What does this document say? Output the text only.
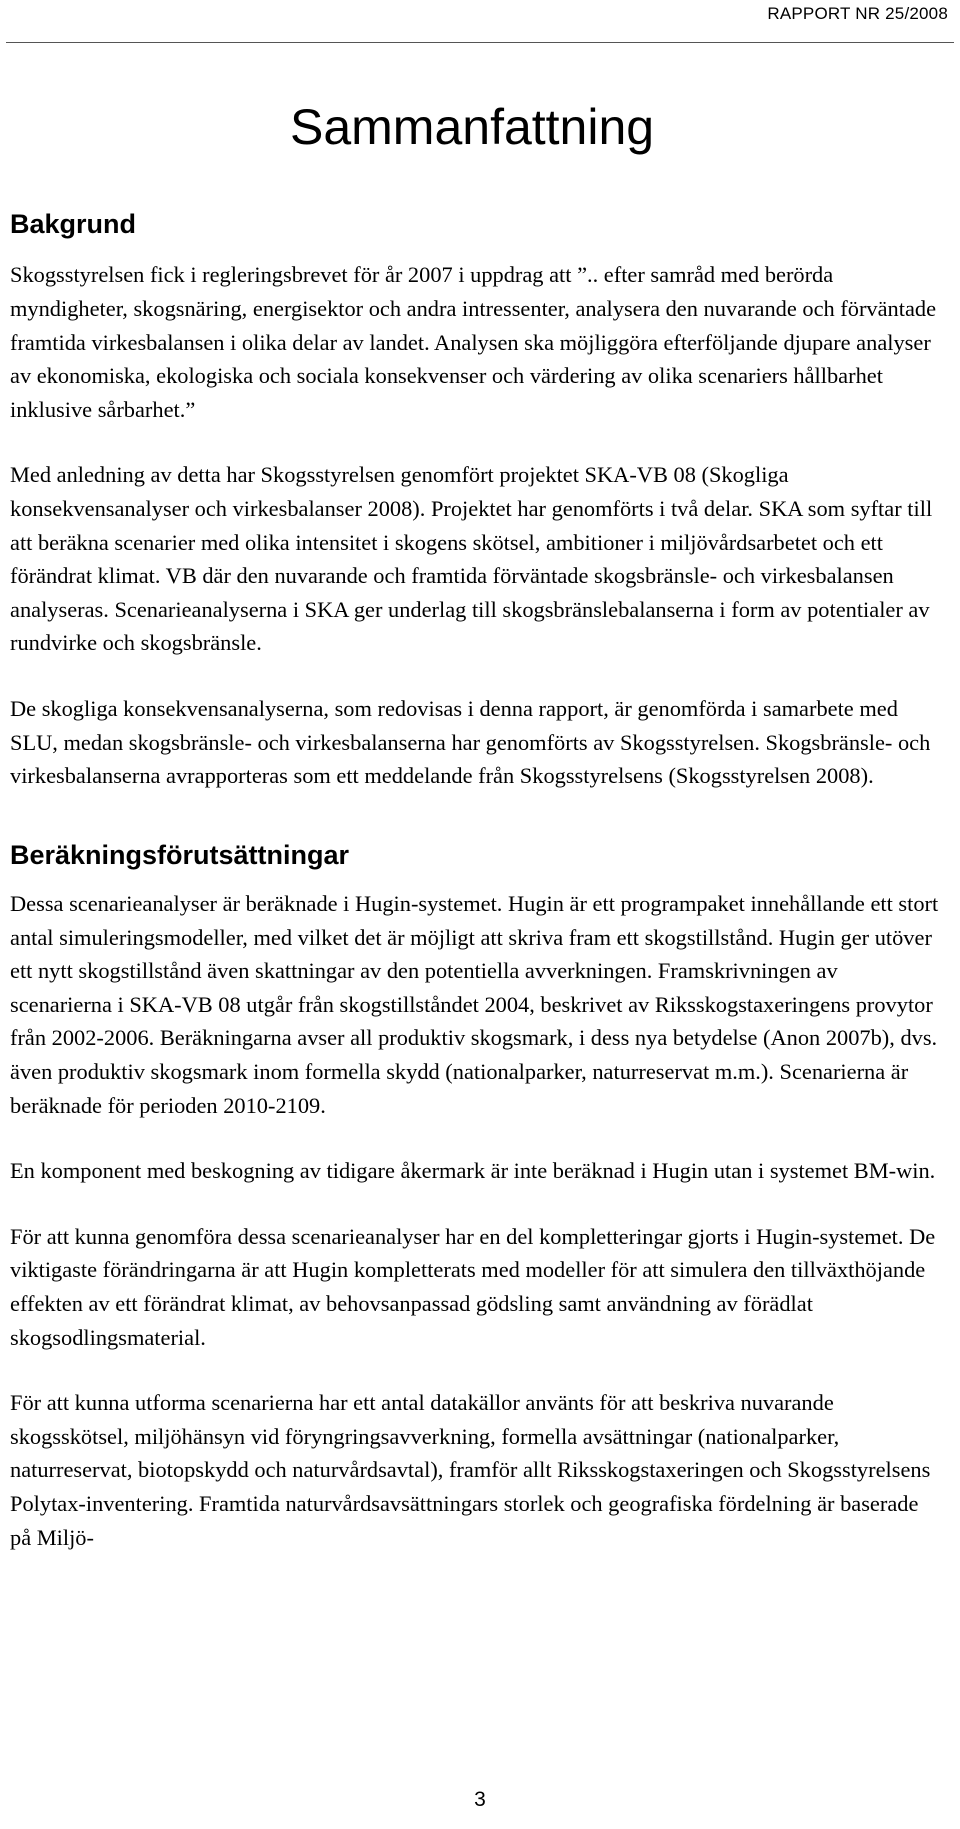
RAPPORT NR 25/2008
Sammanfattning
Bakgrund

Skogsstyrelsen fick i regleringsbrevet för år 2007 i uppdrag att ”.. efter samråd med berörda myndigheter, skogsnäring, energisektor och andra intressenter, analysera den nuvarande och förväntade framtida virkesbalansen i olika delar av landet. Analysen ska möjliggöra efterföljande djupare analyser av ekonomiska, ekologiska och sociala konsekvenser och värdering av olika scenariers hållbarhet inklusive sårbarhet.”

Med anledning av detta har Skogsstyrelsen genomfört projektet SKA-VB 08 (Skogliga konsekvensanalyser och virkesbalanser 2008). Projektet har genomförts i två delar. SKA som syftar till att beräkna scenarier med olika intensitet i skogens skötsel, ambitioner i miljövårdsarbetet och ett förändrat klimat. VB där den nuvarande och framtida förväntade skogsbränsle- och virkesbalansen analyseras. Scenarieanalyserna i SKA ger underlag till skogsbränslebalanserna i form av potentialer av rundvirke och skogsbränsle.

De skogliga konsekvensanalyserna, som redovisas i denna rapport, är genomförda i samarbete med SLU, medan skogsbränsle- och virkesbalanserna har genomförts av Skogsstyrelsen. Skogsbränsle- och virkesbalanserna avrapporteras som ett meddelande från Skogsstyrelsens (Skogsstyrelsen 2008).

Beräkningsförutsättningar

Dessa scenarieanalyser är beräknade i Hugin-systemet. Hugin är ett programpaket innehållande ett stort antal simuleringsmodeller, med vilket det är möjligt att skriva fram ett skogstillstånd. Hugin ger utöver ett nytt skogstillstånd även skattningar av den potentiella avverkningen. Framskrivningen av scenarierna i SKA-VB 08 utgår från skogstillståndet 2004, beskrivet av Riksskogstaxeringens provytor från 2002-2006. Beräkningarna avser all produktiv skogsmark, i dess nya betydelse (Anon 2007b), dvs. även produktiv skogsmark inom formella skydd (nationalparker, naturreservat m.m.). Scenarierna är beräknade för perioden 2010-2109.

En komponent med beskogning av tidigare åkermark är inte beräknad i Hugin utan i systemet BM-win.

För att kunna genomföra dessa scenarieanalyser har en del kompletteringar gjorts i Hugin-systemet. De viktigaste förändringarna är att Hugin kompletterats med modeller för att simulera den tillväxthöjande effekten av ett förändrat klimat, av behovsanpassad gödsling samt användning av förädlat skogsodlingsmaterial.

För att kunna utforma scenarierna har ett antal datakällor använts för att beskriva nuvarande skogsskötsel, miljöhänsyn vid föryngringsavverkning, formella avsättningar (nationalparker, naturreservat, biotopskydd och naturvårdsavtal), framför allt Riksskogstaxeringen och Skogsstyrelsens Polytax-inventering. Framtida naturvårdsavsättningars storlek och geografiska fördelning är baserade på Miljö-

3
